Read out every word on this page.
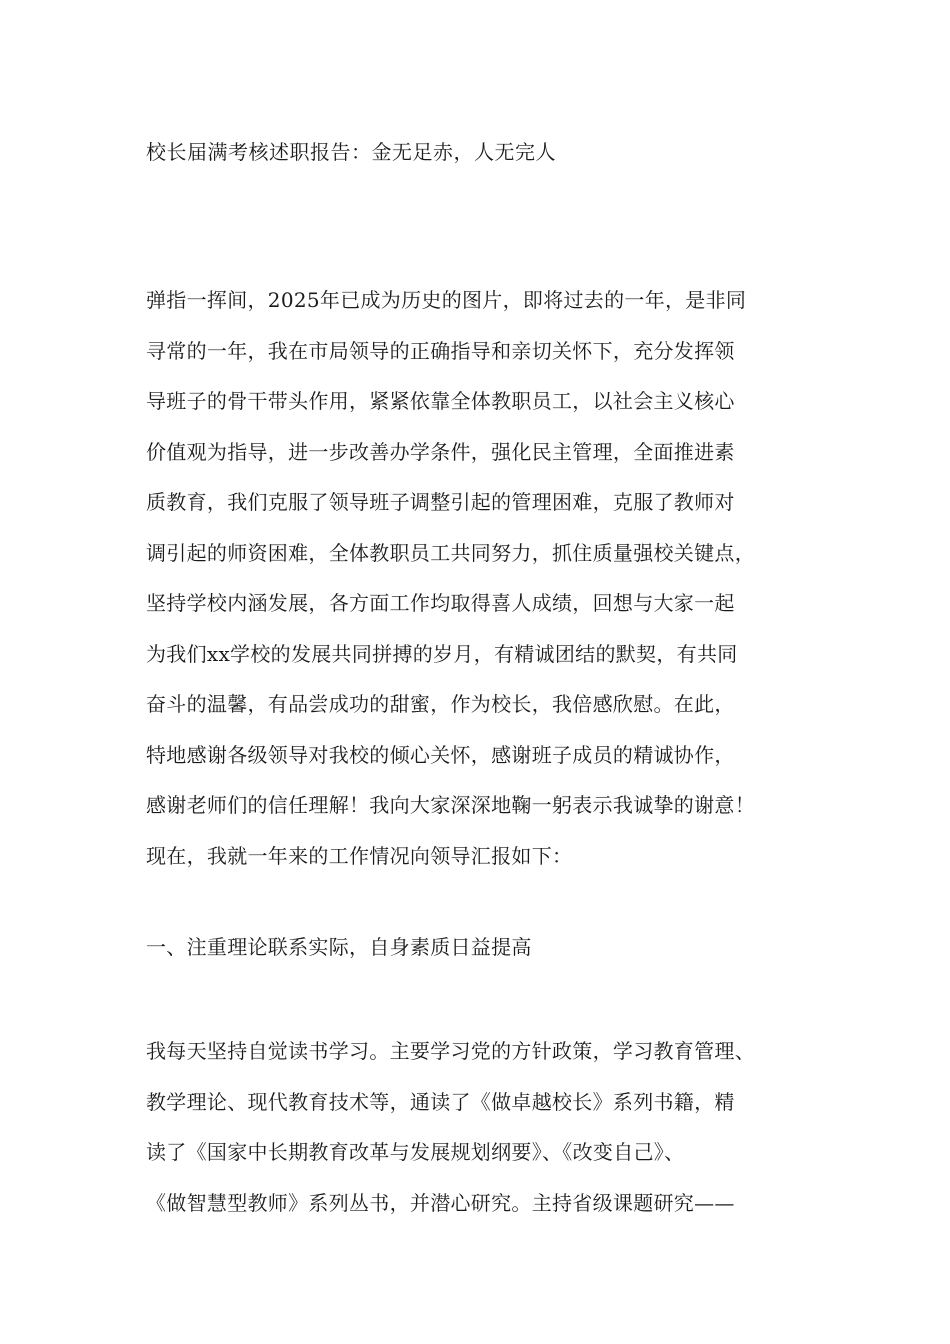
校长届满考核述职报告：金无足赤，人无完人

弹指一挥间，2025年已成为历史的图片，即将过去的一年，是非同
寻常的一年，我在市局领导的正确指导和亲切关怀下，充分发挥领
导班子的骨干带头作用，紧紧依靠全体教职员工，以社会主义核心
价值观为指导，进一步改善办学条件，强化民主管理，全面推进素
质教育，我们克服了领导班子调整引起的管理困难，克服了教师对
调引起的师资困难，全体教职员工共同努力，抓住质量强校关键点，
坚持学校内涵发展，各方面工作均取得喜人成绩，回想与大家一起
为我们xx学校的发展共同拼搏的岁月，有精诚团结的默契，有共同
奋斗的温馨，有品尝成功的甜蜜，作为校长，我倍感欣慰。在此，
特地感谢各级领导对我校的倾心关怀，感谢班子成员的精诚协作，
感谢老师们的信任理解！我向大家深深地鞠一躬表示我诚挚的谢意！
现在，我就一年来的工作情况向领导汇报如下：

一、注重理论联系实际，自身素质日益提高

我每天坚持自觉读书学习。主要学习党的方针政策，学习教育管理、
教学理论、现代教育技术等，通读了《做卓越校长》系列书籍，精
读了《国家中长期教育改革与发展规划纲要》、《改变自己》、
《做智慧型教师》系列丛书，并潜心研究。主持省级课题研究——
